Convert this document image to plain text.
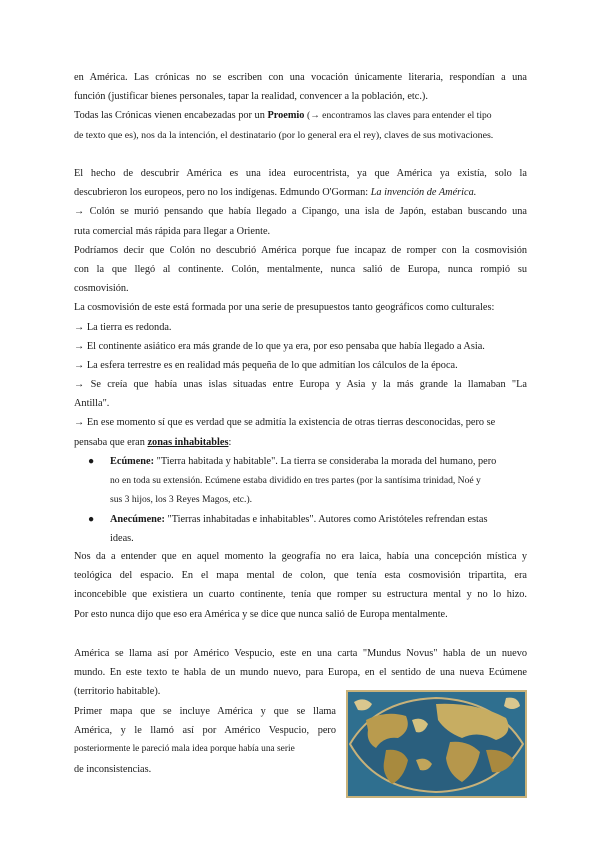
en América. Las crónicas no se escriben con una vocación únicamente literaria, respondían a una
función (justificar bienes personales, tapar la realidad, convencer a la población, etc.).
Todas las Crónicas vienen encabezadas por un Proemio (→ encontramos las claves para entender el tipo
de texto que es), nos da la intención, el destinatario (por lo general era el rey), claves de sus motivaciones.
El hecho de descubrir América es una idea eurocentrista, ya que América ya existía, solo la
descubrieron los europeos, pero no los indígenas. Edmundo O'Gorman: La invención de América.
→ Colón se murió pensando que había llegado a Cipango, una isla de Japón, estaban buscando una
ruta comercial más rápida para llegar a Oriente.
Podríamos decir que Colón no descubrió América porque fue incapaz de romper con la cosmovisión
con la que llegó al continente. Colón, mentalmente, nunca salió de Europa, nunca rompió su
cosmovisión.
La cosmovisión de este está formada por una serie de presupuestos tanto geográficos como culturales:
→ La tierra es redonda.
→ El continente asiático era más grande de lo que ya era, por eso pensaba que había llegado a Asia.
→ La esfera terrestre es en realidad más pequeña de lo que admitían los cálculos de la época.
→ Se creía que había unas islas situadas entre Europa y Asia y la más grande la llamaban "La
Antilla".
→ En ese momento sí que es verdad que se admitía la existencia de otras tierras desconocidas, pero se
pensaba que eran zonas inhabitables:
● Ecúmene: "Tierra habitada y habitable". La tierra se consideraba la morada del humano, pero
no en toda su extensión. Ecúmene estaba dividido en tres partes (por la santísima trinidad, Noé y
sus 3 hijos, los 3 Reyes Magos, etc.).
● Anecúmene: "Tierras inhabitadas e inhabitables". Autores como Aristóteles refrendan estas
ideas.
Nos da a entender que en aquel momento la geografía no era laica, había una concepción mística y
teológica del espacio. En el mapa mental de colon, que tenía esta cosmovisión tripartita, era
inconcebible que existiera un cuarto continente, tenía que romper su estructura mental y no lo hizo.
Por esto nunca dijo que eso era América y se dice que nunca salió de Europa mentalmente.
América se llama así por Américo Vespucio, este en una carta "Mundus Novus" habla de un nuevo
mundo. En este texto te habla de un mundo nuevo, para Europa, en el sentido de una nueva Ecúmene
(territorio habitable).
Primer mapa que se incluye América y que se llama
América, y le llamó así por Américo Vespucio, pero
posteriormente le pareció mala idea porque había una serie
de inconsistencias.
